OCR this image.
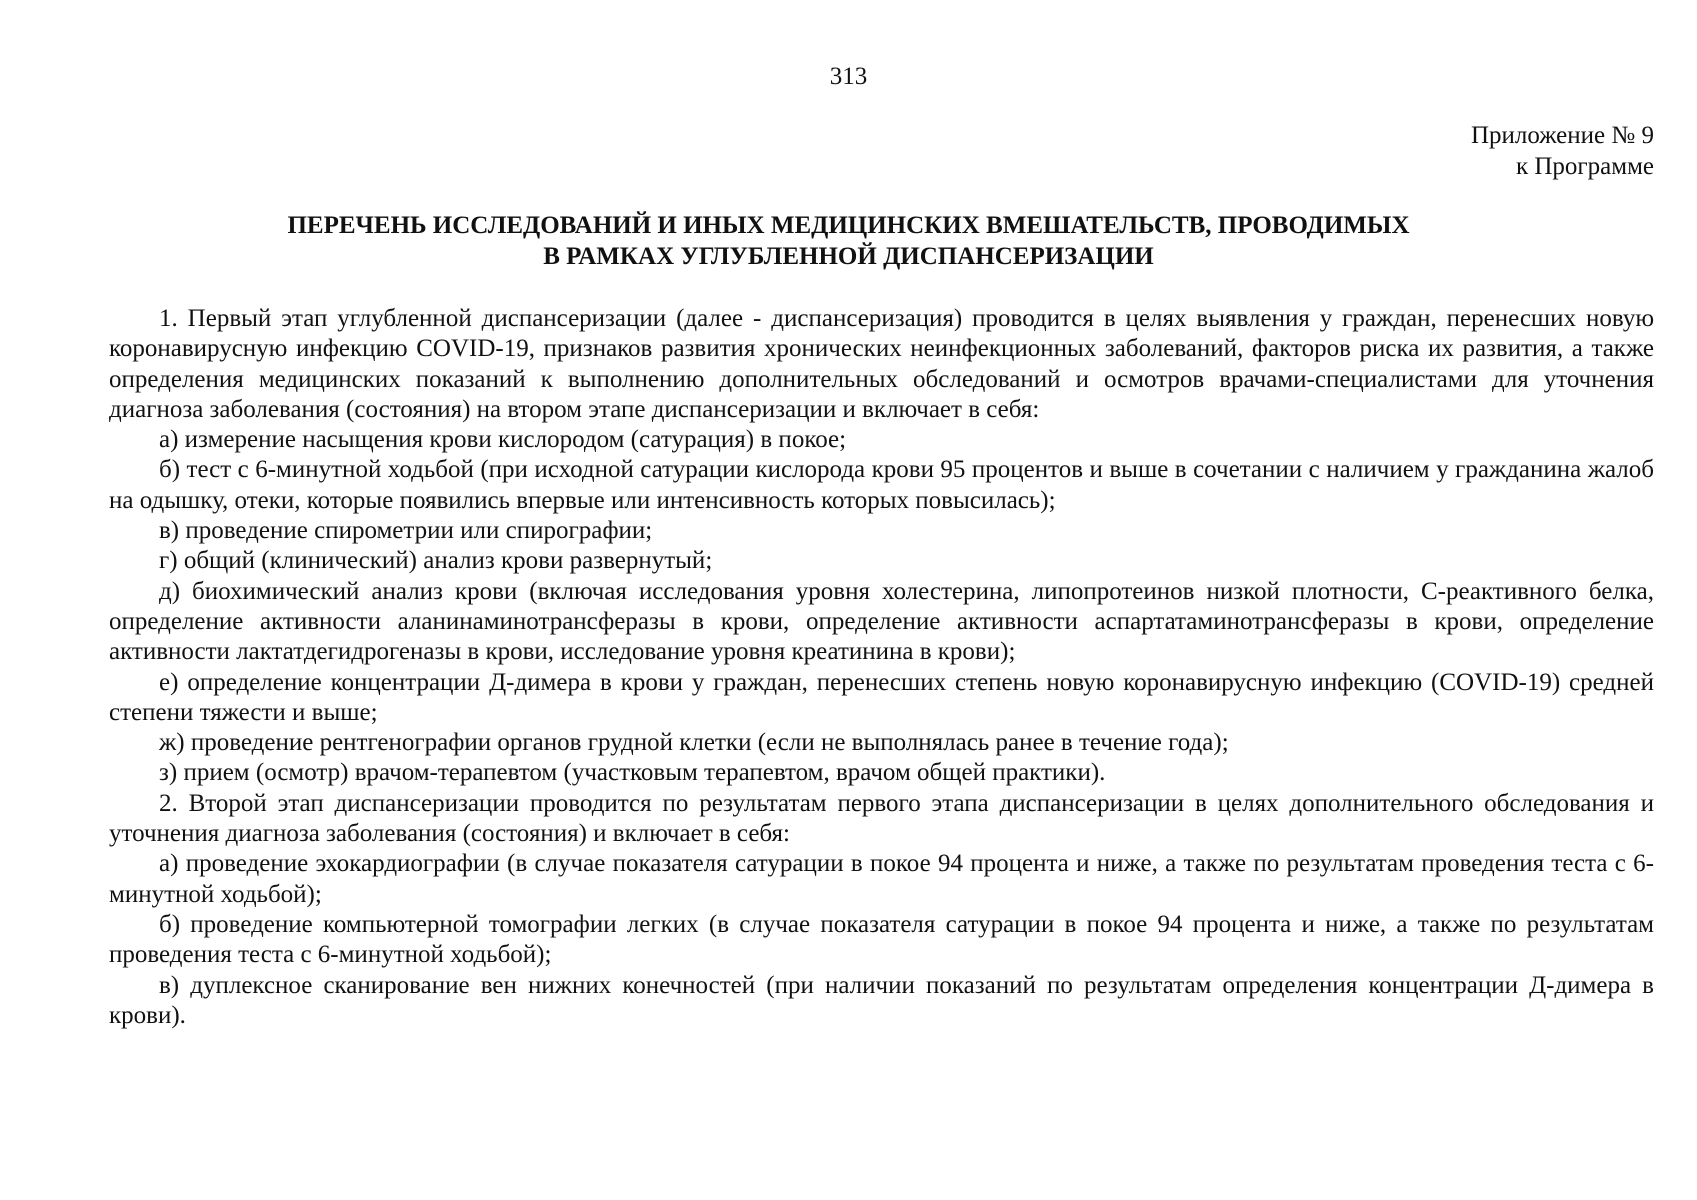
313
Приложение № 9
к Программе
ПЕРЕЧЕНЬ ИССЛЕДОВАНИЙ И ИНЫХ МЕДИЦИНСКИХ ВМЕШАТЕЛЬСТВ, ПРОВОДИМЫХ
В РАМКАХ УГЛУБЛЕННОЙ ДИСПАНСЕРИЗАЦИИ

1. Первый этап углубленной диспансеризации (далее - диспансеризация) проводится в целях выявления у граждан, перенесших новую коронавирусную инфекцию COVID-19, признаков развития хронических неинфекционных заболеваний, факторов риска их развития, а также определения медицинских показаний к выполнению дополнительных обследований и осмотров врачами-специалистами для уточнения диагноза заболевания (состояния) на втором этапе диспансеризации и включает в себя:

а) измерение насыщения крови кислородом (сатурация) в покое;

б) тест с 6-минутной ходьбой (при исходной сатурации кислорода крови 95 процентов и выше в сочетании с наличием у гражданина жалоб на одышку, отеки, которые появились впервые или интенсивность которых повысилась);

в) проведение спирометрии или спирографии;

г) общий (клинический) анализ крови развернутый;

д) биохимический анализ крови (включая исследования уровня холестерина, липопротеинов низкой плотности, С-реактивного белка, определение активности аланинаминотрансферазы в крови, определение активности аспартатаминотрансферазы в крови, определение активности лактатдегидрогеназы в крови, исследование уровня креатинина в крови);

е) определение концентрации Д-димера в крови у граждан, перенесших степень новую коронавирусную инфекцию (COVID-19) средней степени тяжести и выше;

ж) проведение рентгенографии органов грудной клетки (если не выполнялась ранее в течение года);

з) прием (осмотр) врачом-терапевтом (участковым терапевтом, врачом общей практики).

2. Второй этап диспансеризации проводится по результатам первого этапа диспансеризации в целях дополнительного обследования и уточнения диагноза заболевания (состояния) и включает в себя:

а) проведение эхокардиографии (в случае показателя сатурации в покое 94 процента и ниже, а также по результатам проведения теста с 6-минутной ходьбой);

б) проведение компьютерной томографии легких (в случае показателя сатурации в покое 94 процента и ниже, а также по результатам проведения теста с 6-минутной ходьбой);

в) дуплексное сканирование вен нижних конечностей (при наличии показаний по результатам определения концентрации Д-димера в крови).
